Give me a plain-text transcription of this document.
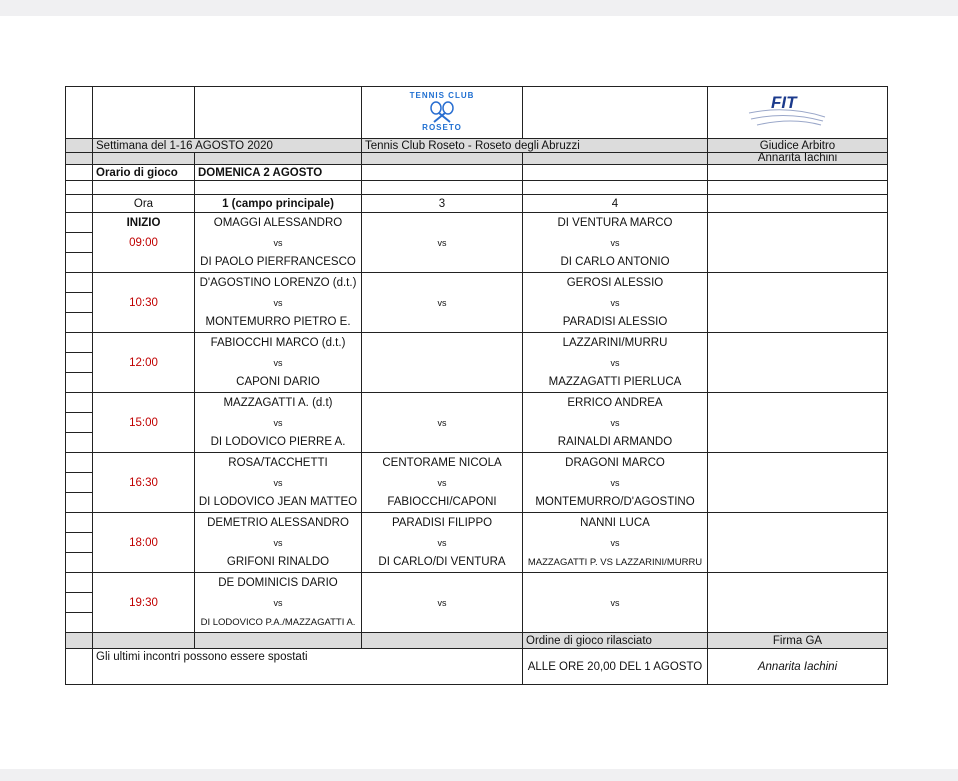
			TENNIS CLUB
ROSETO		FIT

	Settimana del 1-16 AGOSTO 2020		Tennis Club Roseto - Roseto degli Abruzzi		Giudice Arbitro
					Annarita Iachini
	Orario di gioco	DOMENICA 2 AGOSTO			

	Ora	1 (campo principale)	3	4	
	INIZIO	OMAGGI ALESSANDRO		DI VENTURA MARCO	
	09:00	vs	vs	vs	
		DI PAOLO PIERFRANCESCO		DI CARLO ANTONIO	
		D'AGOSTINO LORENZO (d.t.)		GEROSI ALESSIO	
	10:30	vs	vs	vs	
		MONTEMURRO PIETRO E.		PARADISI ALESSIO	
		FABIOCCHI MARCO (d.t.)		LAZZARINI/MURRU	
	12:00	vs		vs	
		CAPONI DARIO		MAZZAGATTI PIERLUCA	
		MAZZAGATTI A. (d.t)		ERRICO ANDREA	
	15:00	vs	vs	vs	
		DI LODOVICO PIERRE A.		RAINALDI ARMANDO	
		ROSA/TACCHETTI	CENTORAME NICOLA	DRAGONI MARCO	
	16:30	vs	vs	vs	
		DI LODOVICO JEAN MATTEO	FABIOCCHI/CAPONI	MONTEMURRO/D'AGOSTINO	
		DEMETRIO ALESSANDRO	PARADISI FILIPPO	NANNI LUCA	
	18:00	vs	vs	vs	
		GRIFONI RINALDO	DI CARLO/DI VENTURA	MAZZAGATTI P. VS LAZZARINI/MURRU	
		DE DOMINICIS DARIO			
	19:30	vs	vs	vs	
		DI LODOVICO P.A./MAZZAGATTI A.			
				Ordine di gioco rilasciato	Firma GA
	Gli ultimi incontri possono essere spostati			ALLE ORE 20,00 DEL 1 AGOSTO	Annarita Iachini
